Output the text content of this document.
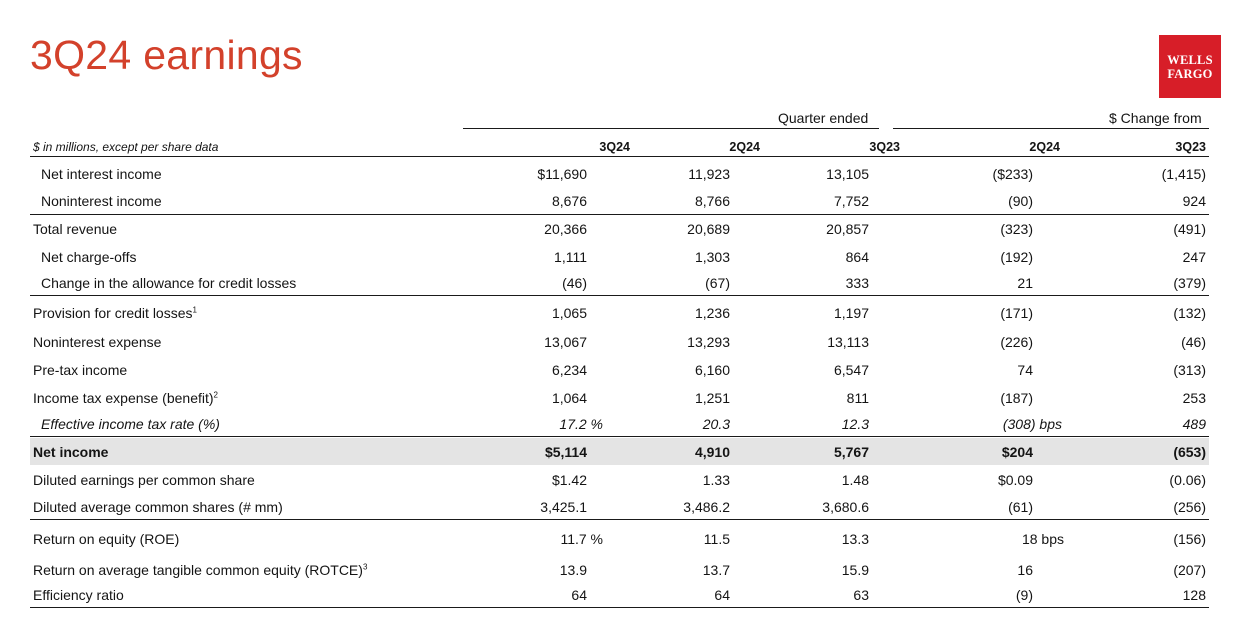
3Q24 earnings	WELLS
FARGO
Quarter ended	$ Change from
$ in millions, except per share data	3Q24	2Q24	3Q23	2Q24	3Q23
Net interest income	$11,690	11,923	13,105	($233)	(1,415)
Noninterest income	8,676	8,766	7,752	(90)	924
Total revenue	20,366	20,689	20,857	(323)	(491)
Net charge-offs	1,111	1,303	864	(192)	247
Change in the allowance for credit losses	(46)	(67)	333	21	(379)
Provision for credit losses$^1$	1,065	1,236	1,197	(171)	(132)
Noninterest expense	13,067	13,293	13,113	(226)	(46)
Pre-tax income	6,234	6,160	6,547	74	(313)
Income tax expense (benefit)$^2$	1,064	1,251	811	(187)	253
Effective income tax rate (%)	17.2 %	20.3	12.3	(308) bps	489
Net income	$5,114	4,910	5,767	$204	(653)
Diluted earnings per common share	$1.42	1.33	1.48	$0.09	(0.06)
Diluted average common shares (# mm)	3,425.1	3,486.2	3,680.6	(61)	(256)
Return on equity (ROE)	11.7 %	11.5	13.3	18 bps	(156)
Return on average tangible common equity (ROTCE)$^3$	13.9	13.7	15.9	16	(207)
Efficiency ratio	64	64	63	(9)	128
